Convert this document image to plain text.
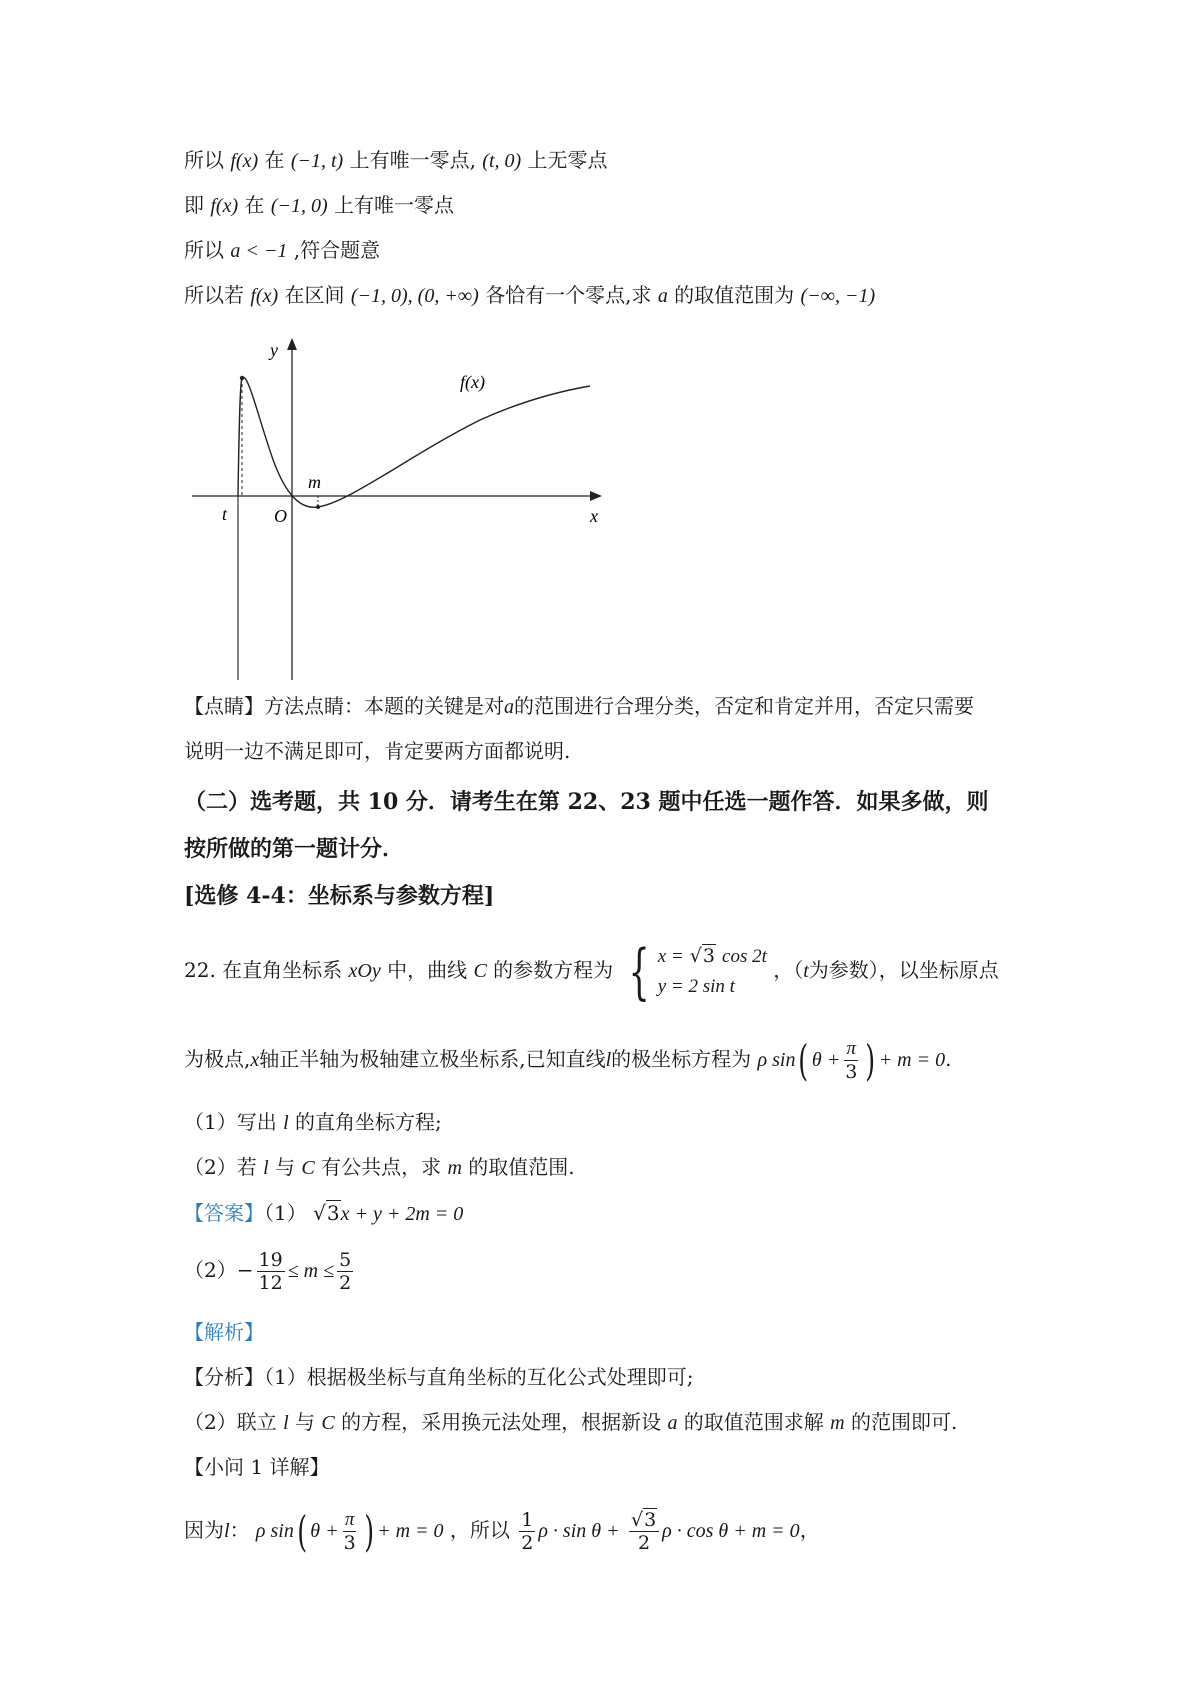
所以 f(x) 在 (−1, t) 上有唯一零点, (t, 0) 上无零点
即 f(x) 在 (−1, 0) 上有唯一零点
所以 a < −1 ,符合题意
所以若 f(x) 在区间 (−1, 0), (0, +∞) 各恰有一个零点,求 a 的取值范围为 (−∞, −1)
y
x
O
t
m
f(x)
【点睛】方法点睛：本题的关键是对a的范围进行合理分类，否定和肯定并用，否定只需要
说明一边不满足即可，肯定要两方面都说明.
（二）选考题，共 10 分．请考生在第 22、23 题中任选一题作答．如果多做，则
按所做的第一题计分．
[选修 4-4：坐标系与参数方程]
22. 在直角坐标系 xOy 中，曲线 C 的参数方程为 { x = √3 cos 2t
y = 2 sin t
，（t为参数），以坐标原点
为极点,x轴正半轴为极轴建立极坐标系,已知直线l的极坐标方程为 ρ sin( $\theta + \frac{\pi}{3}$ ) + m = 0.
（1）写出 l 的直角坐标方程;
（2）若 l 与 C 有公共点，求 m 的取值范围.
【答案】（1） √3x + y + 2m = 0
$(2)- \frac{19}{12} \le m \le \frac{5}{2}$
【解析】
【分析】（1）根据极坐标与直角坐标的互化公式处理即可;
（2）联立 l 与 C 的方程，采用换元法处理，根据新设 a 的取值范围求解 m 的范围即可.
【小问 1 详解】
因为l： ρ sin( $\theta + \frac{\pi}{3}$ ) + m = 0 ，所以 $\frac{1}{2}$ $\rho \cdot \sin \theta + \frac{√3}{2}$ ρ · cos θ + m = 0，
